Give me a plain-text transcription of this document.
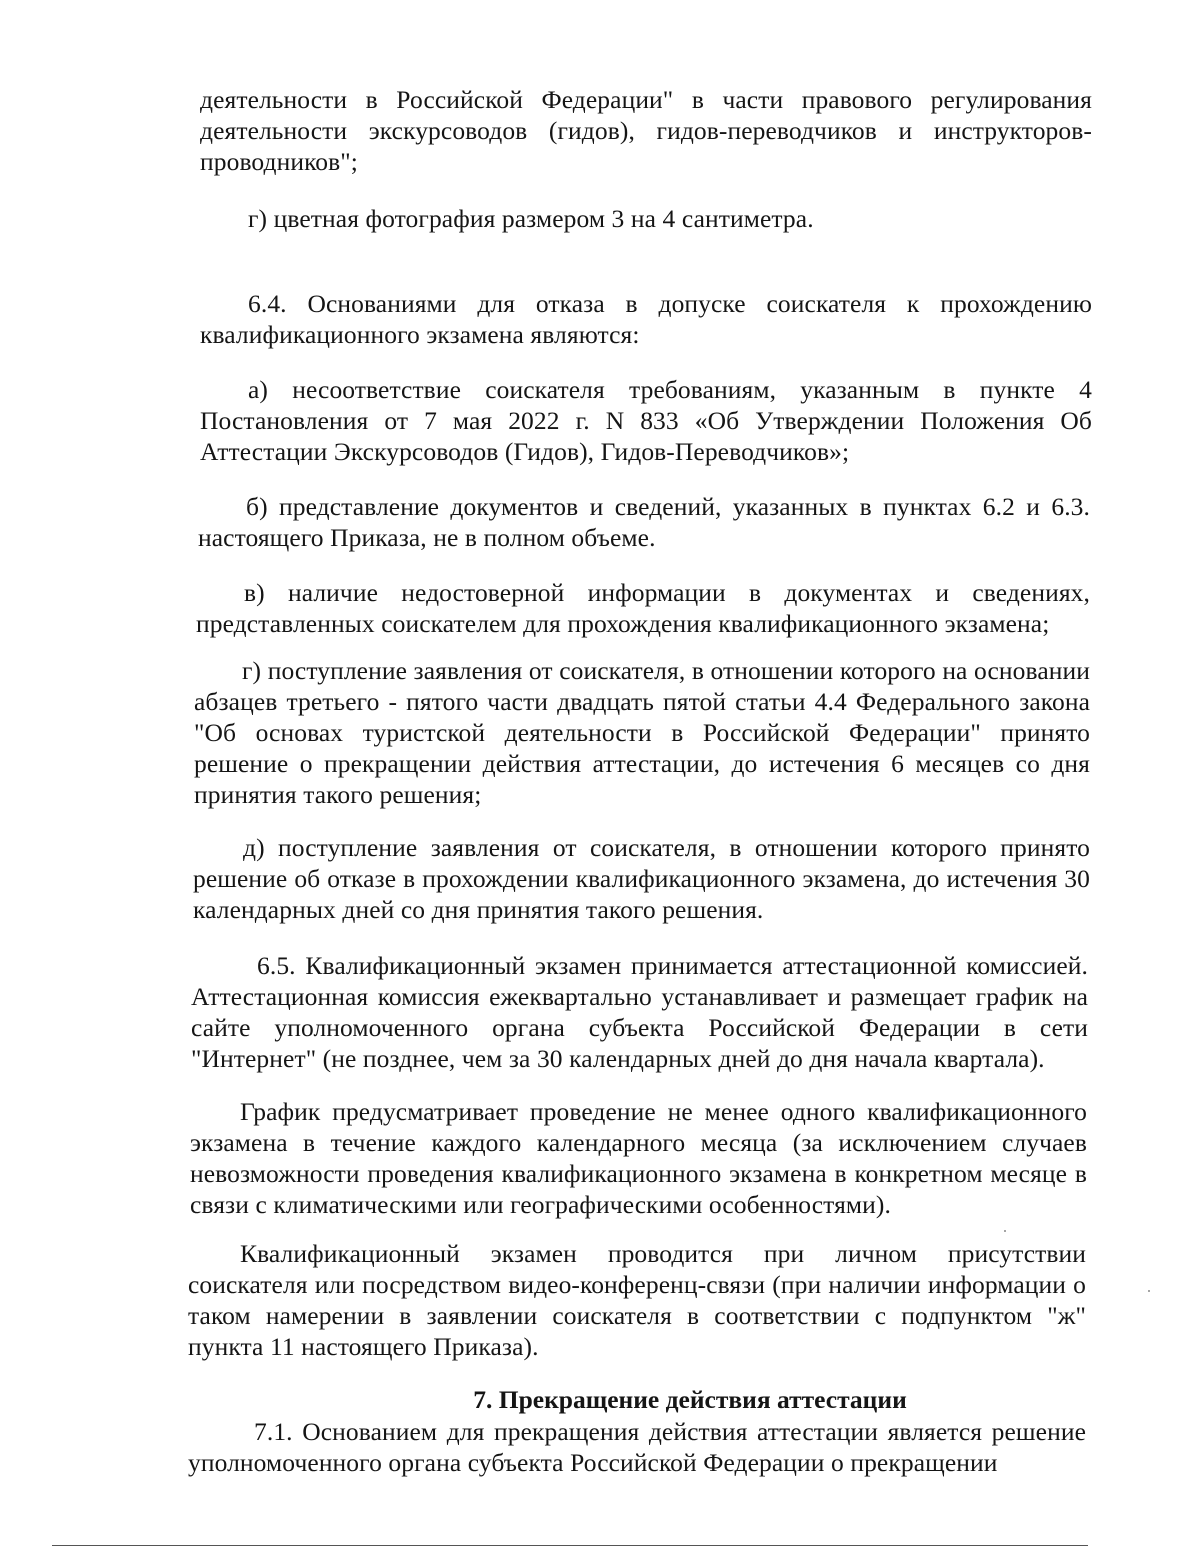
деятельности в Российской Федерации" в части правового регулирования деятельности экскурсоводов (гидов), гидов-переводчиков и инструкторов-проводников";

г) цветная фотография размером 3 на 4 сантиметра.

6.4. Основаниями для отказа в допуске соискателя к прохождению квалификационного экзамена являются:

а) несоответствие соискателя требованиям, указанным в пункте 4 Постановления от 7 мая 2022 г. N 833 «Об Утверждении Положения Об Аттестации Экскурсоводов (Гидов), Гидов-Переводчиков»;

б) представление документов и сведений, указанных в пунктах 6.2 и 6.3. настоящего Приказа, не в полном объеме.

в) наличие недостоверной информации в документах и сведениях, представленных соискателем для прохождения квалификационного экзамена;

г) поступление заявления от соискателя, в отношении которого на основании абзацев третьего - пятого части двадцать пятой статьи 4.4 Федерального закона "Об основах туристской деятельности в Российской Федерации" принято решение о прекращении действия аттестации, до истечения 6 месяцев со дня принятия такого решения;

д) поступление заявления от соискателя, в отношении которого принято решение об отказе в прохождении квалификационного экзамена, до истечения 30 календарных дней со дня принятия такого решения.

6.5. Квалификационный экзамен принимается аттестационной комиссией. Аттестационная комиссия ежеквартально устанавливает и размещает график на сайте уполномоченного органа субъекта Российской Федерации в сети "Интернет" (не позднее, чем за 30 календарных дней до дня начала квартала).

График предусматривает проведение не менее одного квалификационного экзамена в течение каждого календарного месяца (за исключением случаев невозможности проведения квалификационного экзамена в конкретном месяце в связи с климатическими или географическими особенностями).

Квалификационный экзамен проводится при личном присутствии соискателя или посредством видео-конференц-связи (при наличии информации о таком намерении в заявлении соискателя в соответствии с подпунктом "ж" пункта 11 настоящего Приказа).

7. Прекращение действия аттестации

7.1. Основанием для прекращения действия аттестации является решение уполномоченного органа субъекта Российской Федерации о прекращении
